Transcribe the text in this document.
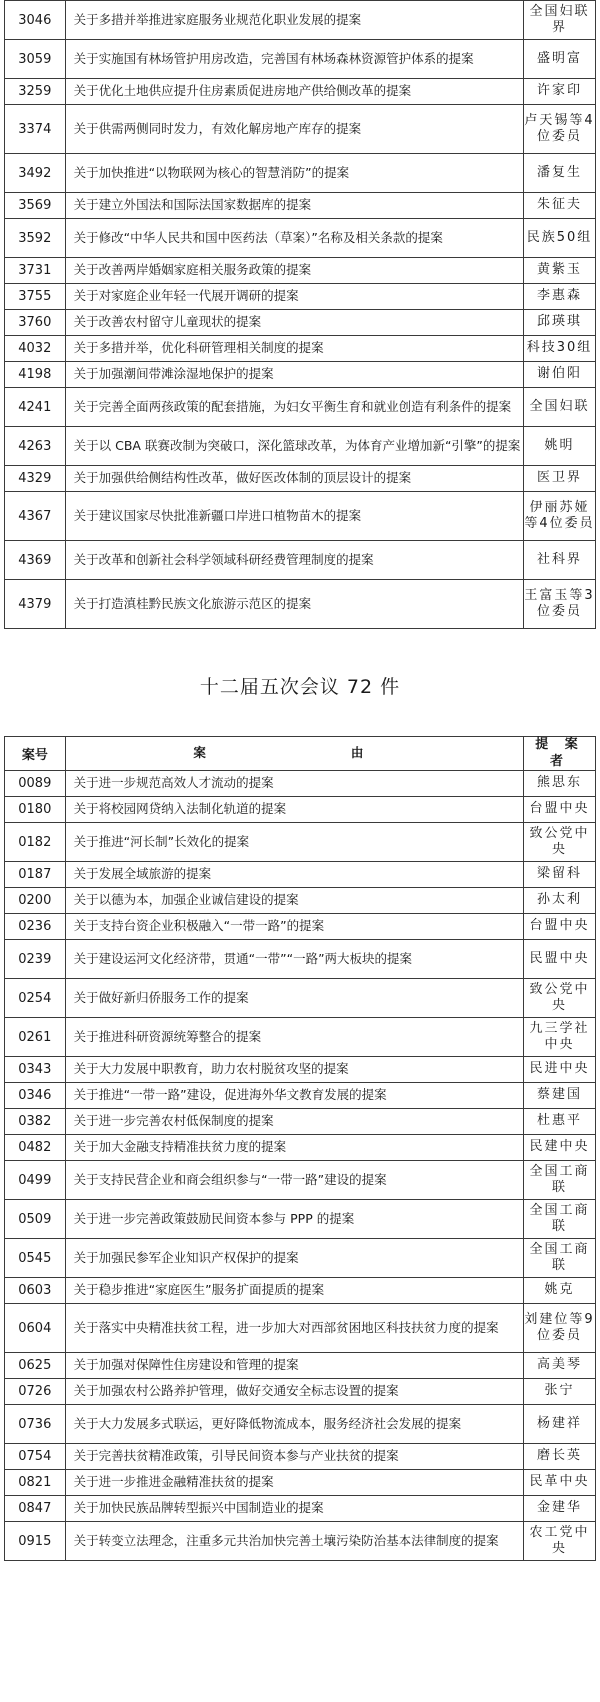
3046	关于多措并举推进家庭服务业规范化职业发展的提案	全国妇联界
3059	关于实施国有林场管护用房改造，完善国有林场森林资源管护体系的提案	盛明富
3259	关于优化土地供应提升住房素质促进房地产供给侧改革的提案	许家印
3374	关于供需两侧同时发力，有效化解房地产库存的提案	卢天锡等4位委员
3492	关于加快推进“以物联网为核心的智慧消防”的提案	潘复生
3569	关于建立外国法和国际法国家数据库的提案	朱征夫
3592	关于修改“中华人民共和国中医药法（草案）”名称及相关条款的提案	民族50组
3731	关于改善两岸婚姻家庭相关服务政策的提案	黄紫玉
3755	关于对家庭企业年轻一代展开调研的提案	李惠森
3760	关于改善农村留守儿童现状的提案	邱瑛琪
4032	关于多措并举，优化科研管理相关制度的提案	科技30组
4198	关于加强潮间带滩涂湿地保护的提案	谢伯阳
4241	关于完善全面两孩政策的配套措施，为妇女平衡生育和就业创造有利条件的提案	全国妇联
4263	关于以 CBA 联赛改制为突破口，深化篮球改革，为体育产业增加新“引擎”的提案	姚明
4329	关于加强供给侧结构性改革，做好医改体制的顶层设计的提案	医卫界
4367	关于建议国家尽快批准新疆口岸进口植物苗木的提案	伊丽苏娅等4位委员
4369	关于改革和创新社会科学领域科研经费管理制度的提案	社科界
4379	关于打造滇桂黔民族文化旅游示范区的提案	王富玉等3位委员
十二届五次会议 72 件
案号	案　　由	提 案 者
0089	关于进一步规范高效人才流动的提案	熊思东
0180	关于将校园网贷纳入法制化轨道的提案	台盟中央
0182	关于推进“河长制”长效化的提案	致公党中央
0187	关于发展全域旅游的提案	梁留科
0200	关于以德为本，加强企业诚信建设的提案	孙太利
0236	关于支持台资企业积极融入“一带一路”的提案	台盟中央
0239	关于建设运河文化经济带，贯通“一带”“一路”两大板块的提案	民盟中央
0254	关于做好新归侨服务工作的提案	致公党中央
0261	关于推进科研资源统筹整合的提案	九三学社中央
0343	关于大力发展中职教育，助力农村脱贫攻坚的提案	民进中央
0346	关于推进“一带一路”建设，促进海外华文教育发展的提案	蔡建国
0382	关于进一步完善农村低保制度的提案	杜惠平
0482	关于加大金融支持精准扶贫力度的提案	民建中央
0499	关于支持民营企业和商会组织参与“一带一路”建设的提案	全国工商联
0509	关于进一步完善政策鼓励民间资本参与 PPP 的提案	全国工商联
0545	关于加强民参军企业知识产权保护的提案	全国工商联
0603	关于稳步推进“家庭医生”服务扩面提质的提案	姚克
0604	关于落实中央精准扶贫工程，进一步加大对西部贫困地区科技扶贫力度的提案	刘建位等9位委员
0625	关于加强对保障性住房建设和管理的提案	高美琴
0726	关于加强农村公路养护管理，做好交通安全标志设置的提案	张宁
0736	关于大力发展多式联运，更好降低物流成本，服务经济社会发展的提案	杨建祥
0754	关于完善扶贫精准政策，引导民间资本参与产业扶贫的提案	磨长英
0821	关于进一步推进金融精准扶贫的提案	民革中央
0847	关于加快民族品牌转型振兴中国制造业的提案	金建华
0915	关于转变立法理念，注重多元共治加快完善土壤污染防治基本法律制度的提案	农工党中央
